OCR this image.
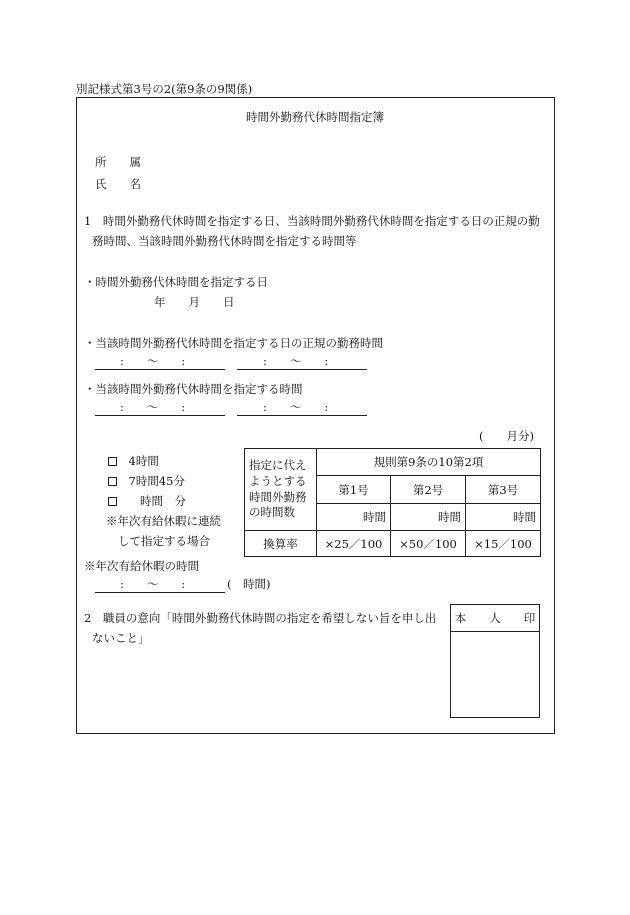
別記様式第3号の2(第9条の9関係)
時間外勤務代休時間指定簿
所　　属
氏　　名
1　時間外勤務代休時間を指定する日、当該時間外勤務代休時間を指定する日の正規の勤
務時間、当該時間外勤務代休時間を指定する時間等
・時間外勤務代休時間を指定する日
年　　月　　日
・当該時間外勤務代休時間を指定する日の正規の勤務時間
:　　〜　　:	:　　〜　　:
・当該時間外勤務代休時間を指定する時間
:　　〜　　:	:　　〜　　:
(　　月分)
　4時間
　7時間45分
　　時間　分
※年次有給休暇に連続
して指定する場合
指定に代え
ようとする
時間外勤務
の時間数	規則第9条の10第2項		
	第1号	第2号	第3号
	時間	時間	時間
換算率	×25／100	×50／100	×15／100
※年次有給休暇の時間
:　　〜　　:	(　時間)
2　職員の意向「時間外勤務代休時間の指定を希望しない旨を申し出
ないこと」
本　　人　　印
